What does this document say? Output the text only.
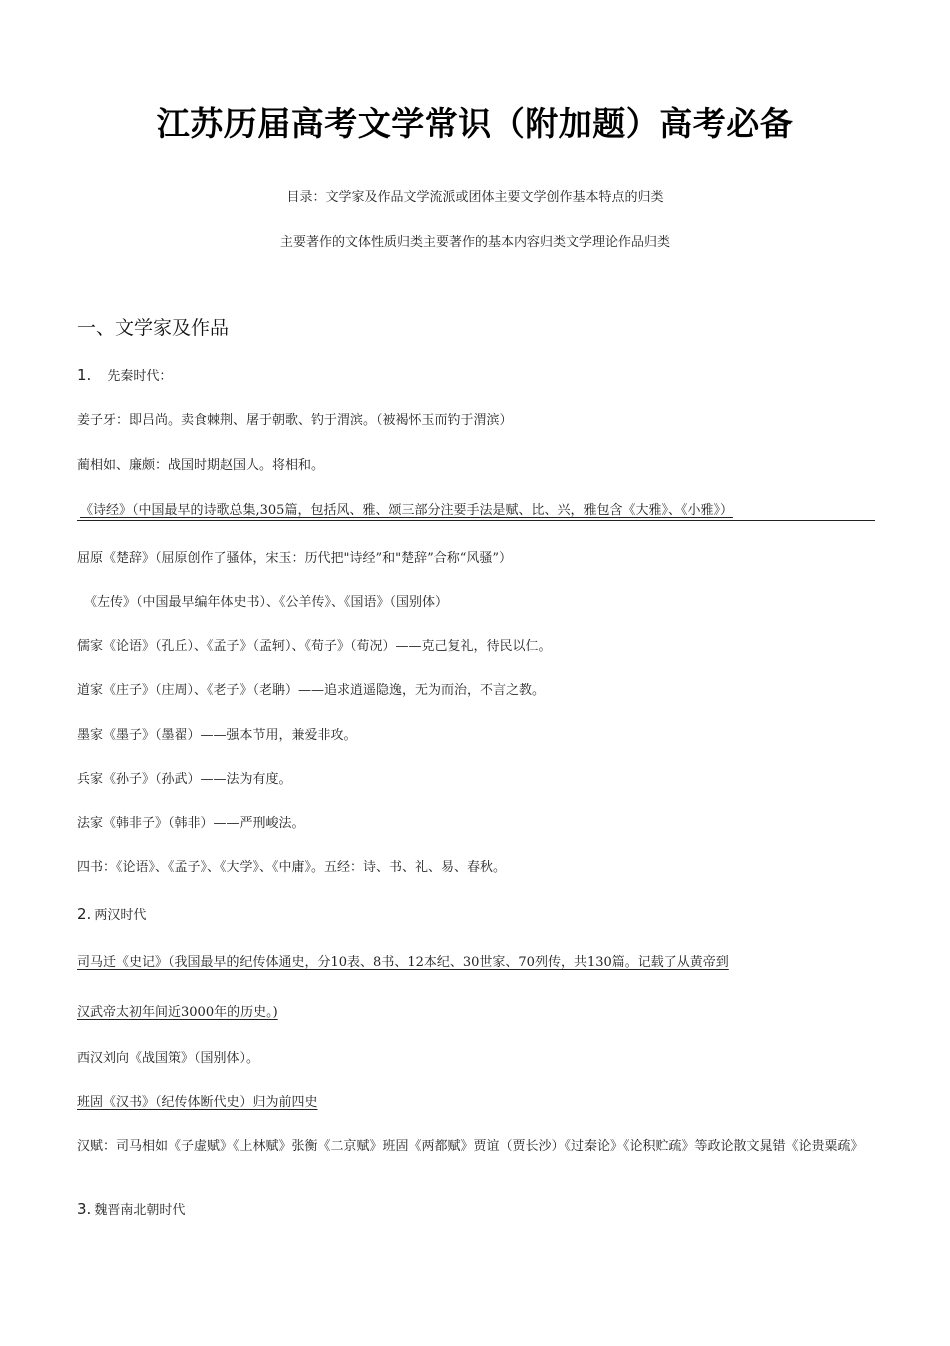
江苏历届高考文学常识（附加题）高考必备
目录：文学家及作品文学流派或团体主要文学创作基本特点的归类
主要著作的文体性质归类主要著作的基本内容归类文学理论作品归类
一、文学家及作品
1. 先秦时代：
姜子牙：即吕尚。卖食棘荆、屠于朝歌、钓于渭滨。（被褐怀玉而钓于渭滨）
蔺相如、廉颇：战国时期赵国人。将相和。
《诗经》（中国最早的诗歌总集,305篇，包括风、雅、颂三部分注要手法是赋、比、兴，雅包含《大雅》、《小雅》）
屈原《楚辞》（屈原创作了骚体，宋玉：历代把"诗经”和"楚辞”合称“风骚”）
《左传》（中国最早编年体史书）、《公羊传》、《国语》（国别体）
儒家《论语》（孔丘）、《孟子》（孟轲）、《荀子》（荀况）——克己复礼，待民以仁。
道家《庄子》（庄周）、《老子》（老聃）——追求逍遥隐逸，无为而治，不言之教。
墨家《墨子》（墨翟）——强本节用，兼爱非攻。
兵家《孙子》（孙武）——法为有度。
法家《韩非子》（韩非）——严刑峻法。
四书：《论语》、《孟子》、《大学》、《中庸》。五经：诗、书、礼、易、春秋。
2. 两汉时代
司马迁《史记》（我国最早的纪传体通史，分10表、8书、12本纪、30世家、70列传，共130篇。记载了从黄帝到
汉武帝太初年间近3000年的历史。)
西汉刘向《战国策》（国别体）。
班固《汉书》（纪传体断代史）归为前四史
汉赋：司马相如《子虚赋》《上林赋》张衡《二京赋》班固《两都赋》贾谊（贾长沙）《过秦论》《论积贮疏》等政论散文晁错《论贵粟疏》
3. 魏晋南北朝时代
